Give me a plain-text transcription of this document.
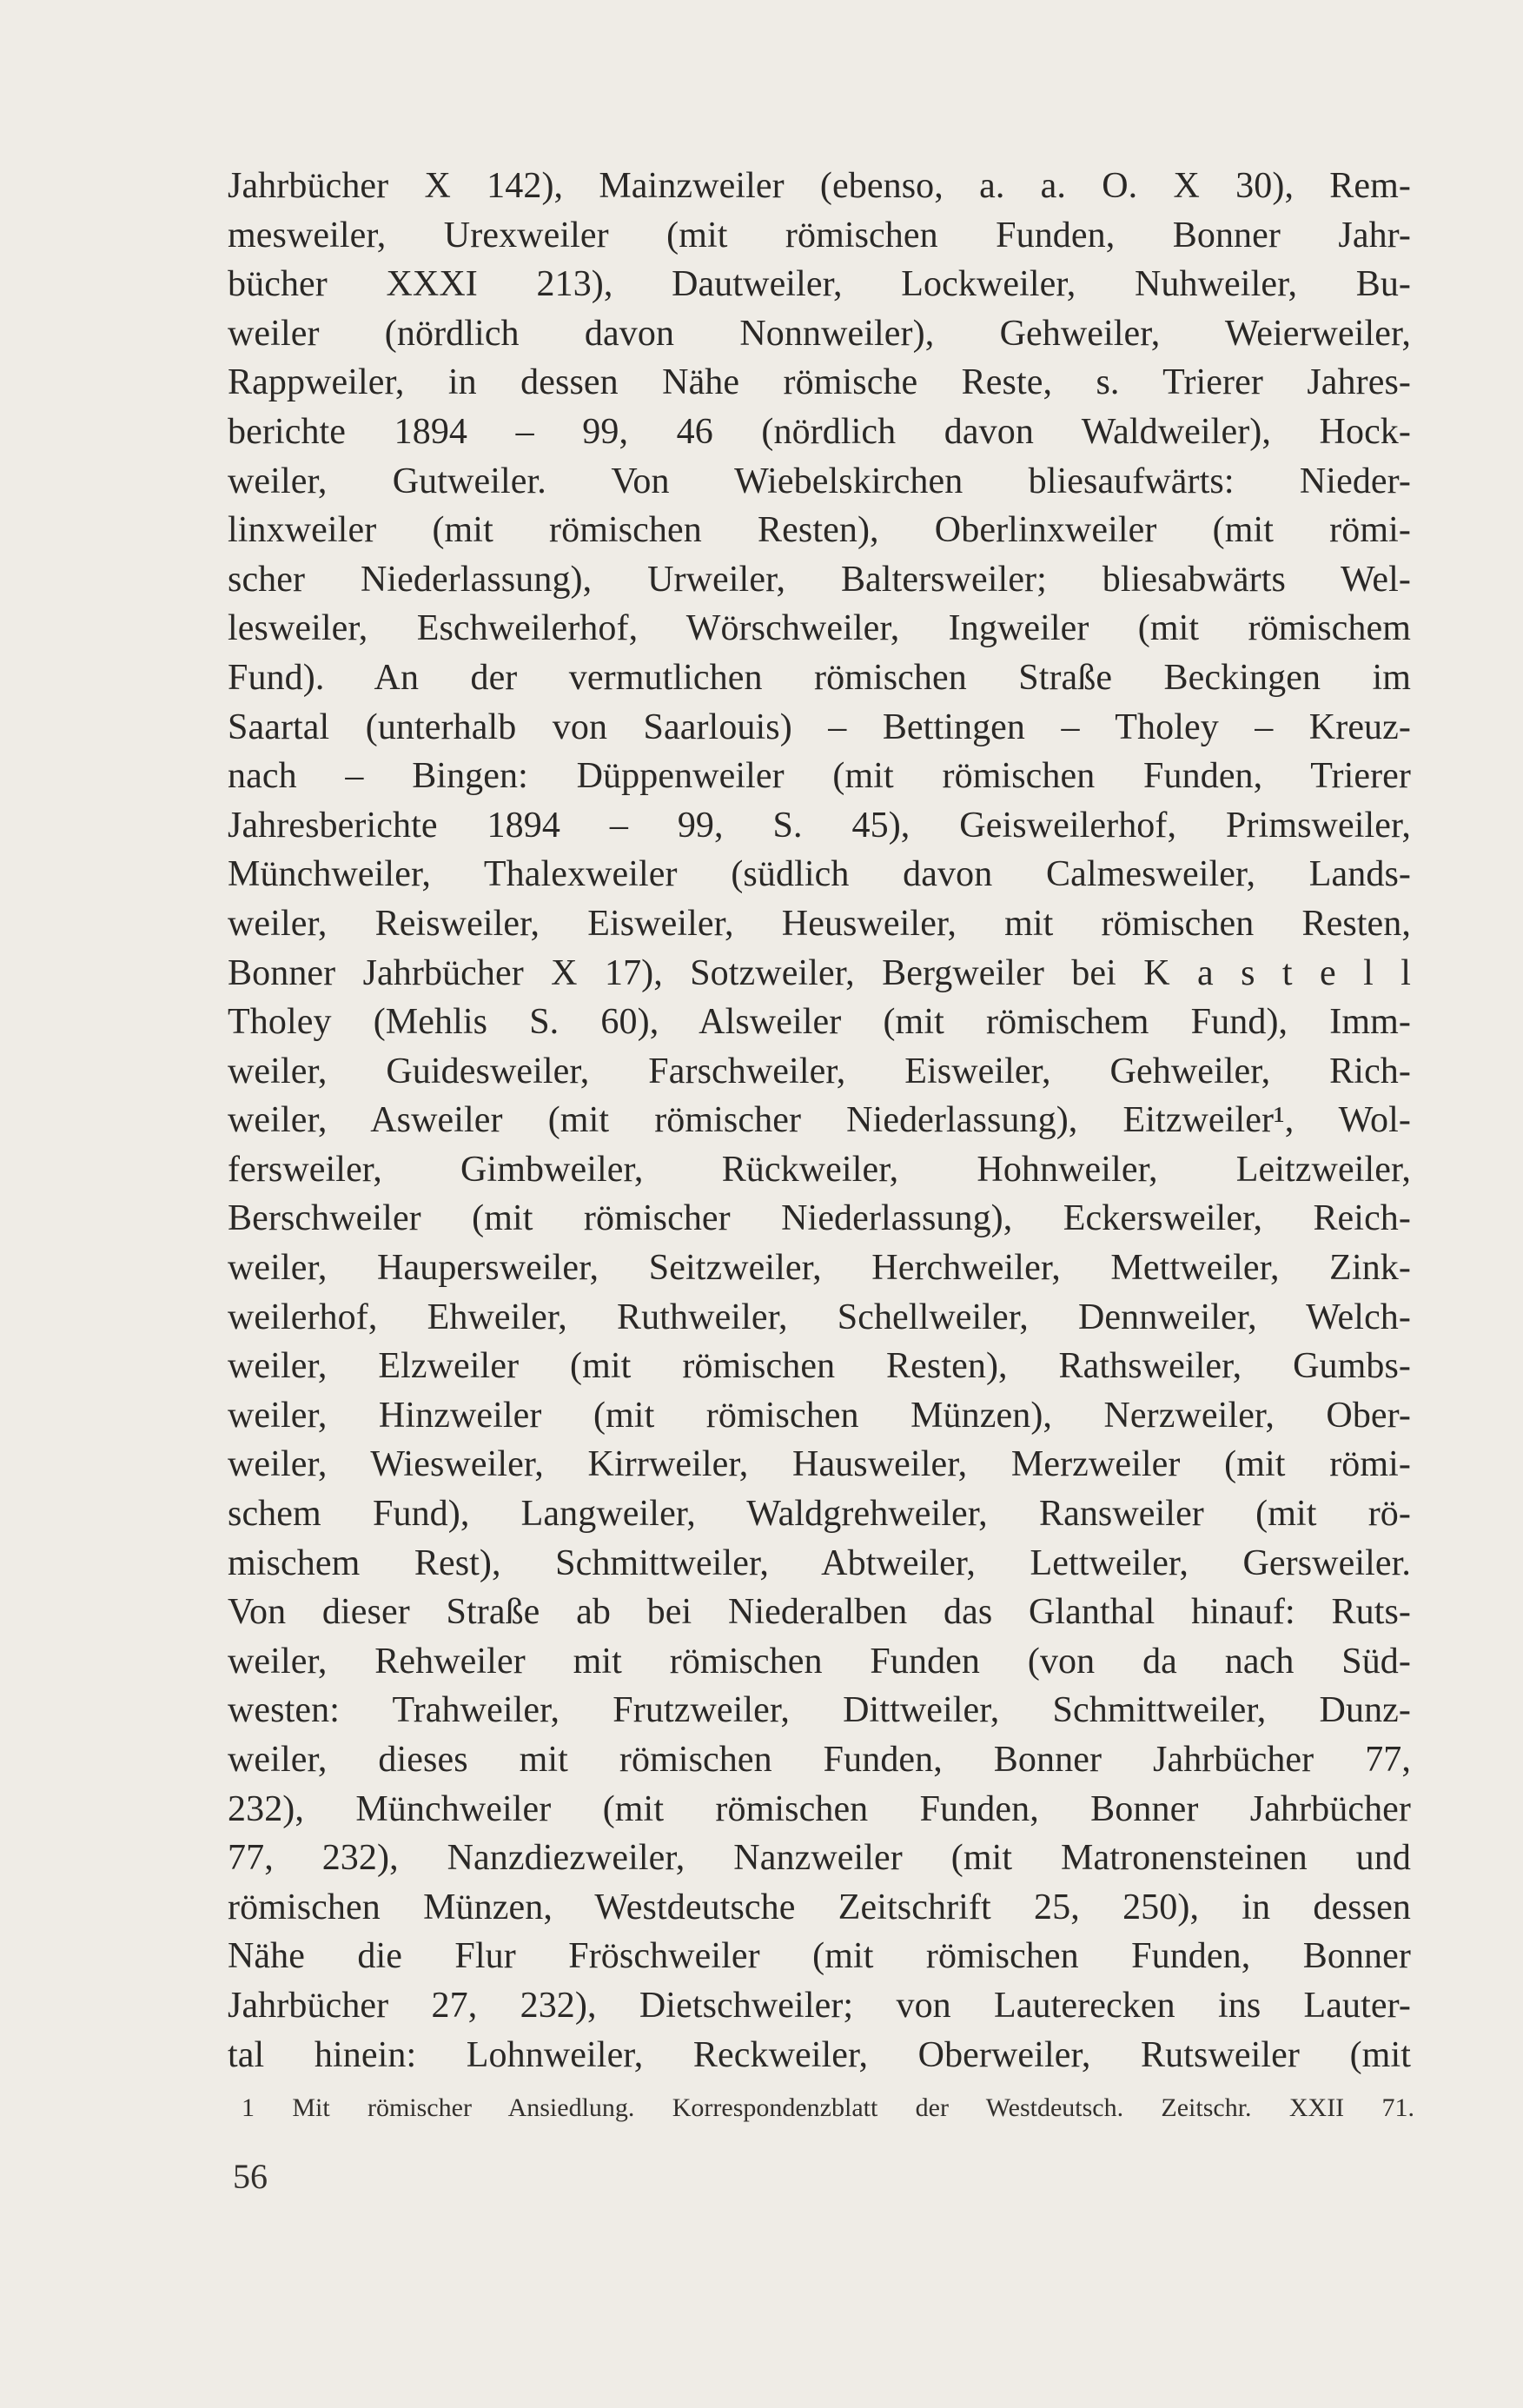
Jahrbücher X 142), Mainzweiler (ebenso, a. a. O. X 30), Rem-
mesweiler, Urexweiler (mit römischen Funden, Bonner Jahr-
bücher XXXI 213), Dautweiler, Lockweiler, Nuhweiler, Bu-
weiler (nördlich davon Nonnweiler), Gehweiler, Weierweiler,
Rappweiler, in dessen Nähe römische Reste, s. Trierer Jahres-
berichte 1894 – 99, 46 (nördlich davon Waldweiler), Hock-
weiler, Gutweiler. Von Wiebelskirchen bliesaufwärts: Nieder-
linxweiler (mit römischen Resten), Oberlinxweiler (mit römi-
scher Niederlassung), Urweiler, Baltersweiler; bliesabwärts Wel-
lesweiler, Eschweilerhof, Wörschweiler, Ingweiler (mit römischem
Fund). An der vermutlichen römischen Straße Beckingen im
Saartal (unterhalb von Saarlouis) – Bettingen – Tholey – Kreuz-
nach – Bingen: Düppenweiler (mit römischen Funden, Trierer
Jahresberichte 1894 – 99, S. 45), Geisweilerhof, Primsweiler,
Münchweiler, Thalexweiler (südlich davon Calmesweiler, Lands-
weiler, Reisweiler, Eisweiler, Heusweiler, mit römischen Resten,
Bonner Jahrbücher X 17), Sotzweiler, Bergweiler bei K a s t e l l
Tholey (Mehlis S. 60), Alsweiler (mit römischem Fund), Imm-
weiler, Guidesweiler, Farschweiler, Eisweiler, Gehweiler, Rich-
weiler, Asweiler (mit römischer Niederlassung), Eitzweiler¹, Wol-
fersweiler, Gimbweiler, Rückweiler, Hohnweiler, Leitzweiler,
Berschweiler (mit römischer Niederlassung), Eckersweiler, Reich-
weiler, Haupersweiler, Seitzweiler, Herchweiler, Mettweiler, Zink-
weilerhof, Ehweiler, Ruthweiler, Schellweiler, Dennweiler, Welch-
weiler, Elzweiler (mit römischen Resten), Rathsweiler, Gumbs-
weiler, Hinzweiler (mit römischen Münzen), Nerzweiler, Ober-
weiler, Wiesweiler, Kirrweiler, Hausweiler, Merzweiler (mit römi-
schem Fund), Langweiler, Waldgrehweiler, Ransweiler (mit rö-
mischem Rest), Schmittweiler, Abtweiler, Lettweiler, Gersweiler.
Von dieser Straße ab bei Niederalben das Glanthal hinauf: Ruts-
weiler, Rehweiler mit römischen Funden (von da nach Süd-
westen: Trahweiler, Frutzweiler, Dittweiler, Schmittweiler, Dunz-
weiler, dieses mit römischen Funden, Bonner Jahrbücher 77,
232), Münchweiler (mit römischen Funden, Bonner Jahrbücher
77, 232), Nanzdiezweiler, Nanzweiler (mit Matronensteinen und
römischen Münzen, Westdeutsche Zeitschrift 25, 250), in dessen
Nähe die Flur Fröschweiler (mit römischen Funden, Bonner
Jahrbücher 27, 232), Dietschweiler; von Lauterecken ins Lauter-
tal hinein: Lohnweiler, Reckweiler, Oberweiler, Rutsweiler (mit
1 Mit römischer Ansiedlung. Korrespondenzblatt der Westdeutsch. Zeitschr. XXII 71.
56
